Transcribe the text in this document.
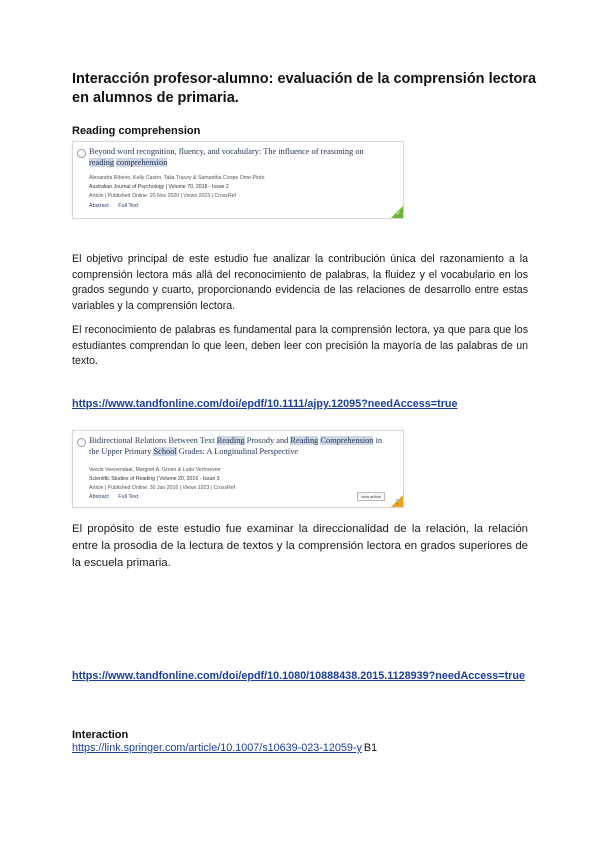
Interacción profesor-alumno: evaluación de la comprensión lectora en alumnos de primaria.

Reading comprehension

Beyond word recognition, fluency, and vocabulary: The influence of reasoning on reading comprehension
Alexandra Ribeiro, Kelly Castro, Talia Tracey & Samantha Coope Ome-Pinto
Australian Journal of Psychology | Volume 70, 2018 - Issue 2
Article | Published Online: 20 Nov 2020 | Views 2023 | CrossRef
Abstract Full Text
✓

El objetivo principal de este estudio fue analizar la contribución única del razonamiento a la comprensión lectora más allá del reconocimiento de palabras, la fluidez y el vocabulario en los grados segundo y cuarto, proporcionando evidencia de las relaciones de desarrollo entre estas variables y la comprensión lectora.

El reconocimiento de palabras es fundamental para la comprensión lectora, ya que para que los estudiantes comprendan lo que leen, deben leer con precisión la mayoría de las palabras de un texto.

https://www.tandfonline.com/doi/epdf/10.1111/ajpy.12095?needAccess=true
Bidirectional Relations Between Text Reading Prosody and Reading Comprehension in the Upper Primary School Grades: A Longitudinal Perspective
Veerle Veenendaal, Margriet A. Groen & Ludo Verhoeven
Scientific Studies of Reading | Volume 20, 2016 - Issue 3
Article | Published Online: 30 Jan 2016 | Views 1923 | CrossRef
Abstract Full Text	view article
🔒

El propósito de este estudio fue examinar la direccionalidad de la relación, la relación entre la prosodia de la lectura de textos y la comprensión lectora en grados superiores de la escuela primaria.

https://www.tandfonline.com/doi/epdf/10.1080/10888438.2015.1128939?needAccess=true

Interaction

https://link.springer.com/article/10.1007/s10639-023-12059-y B1
